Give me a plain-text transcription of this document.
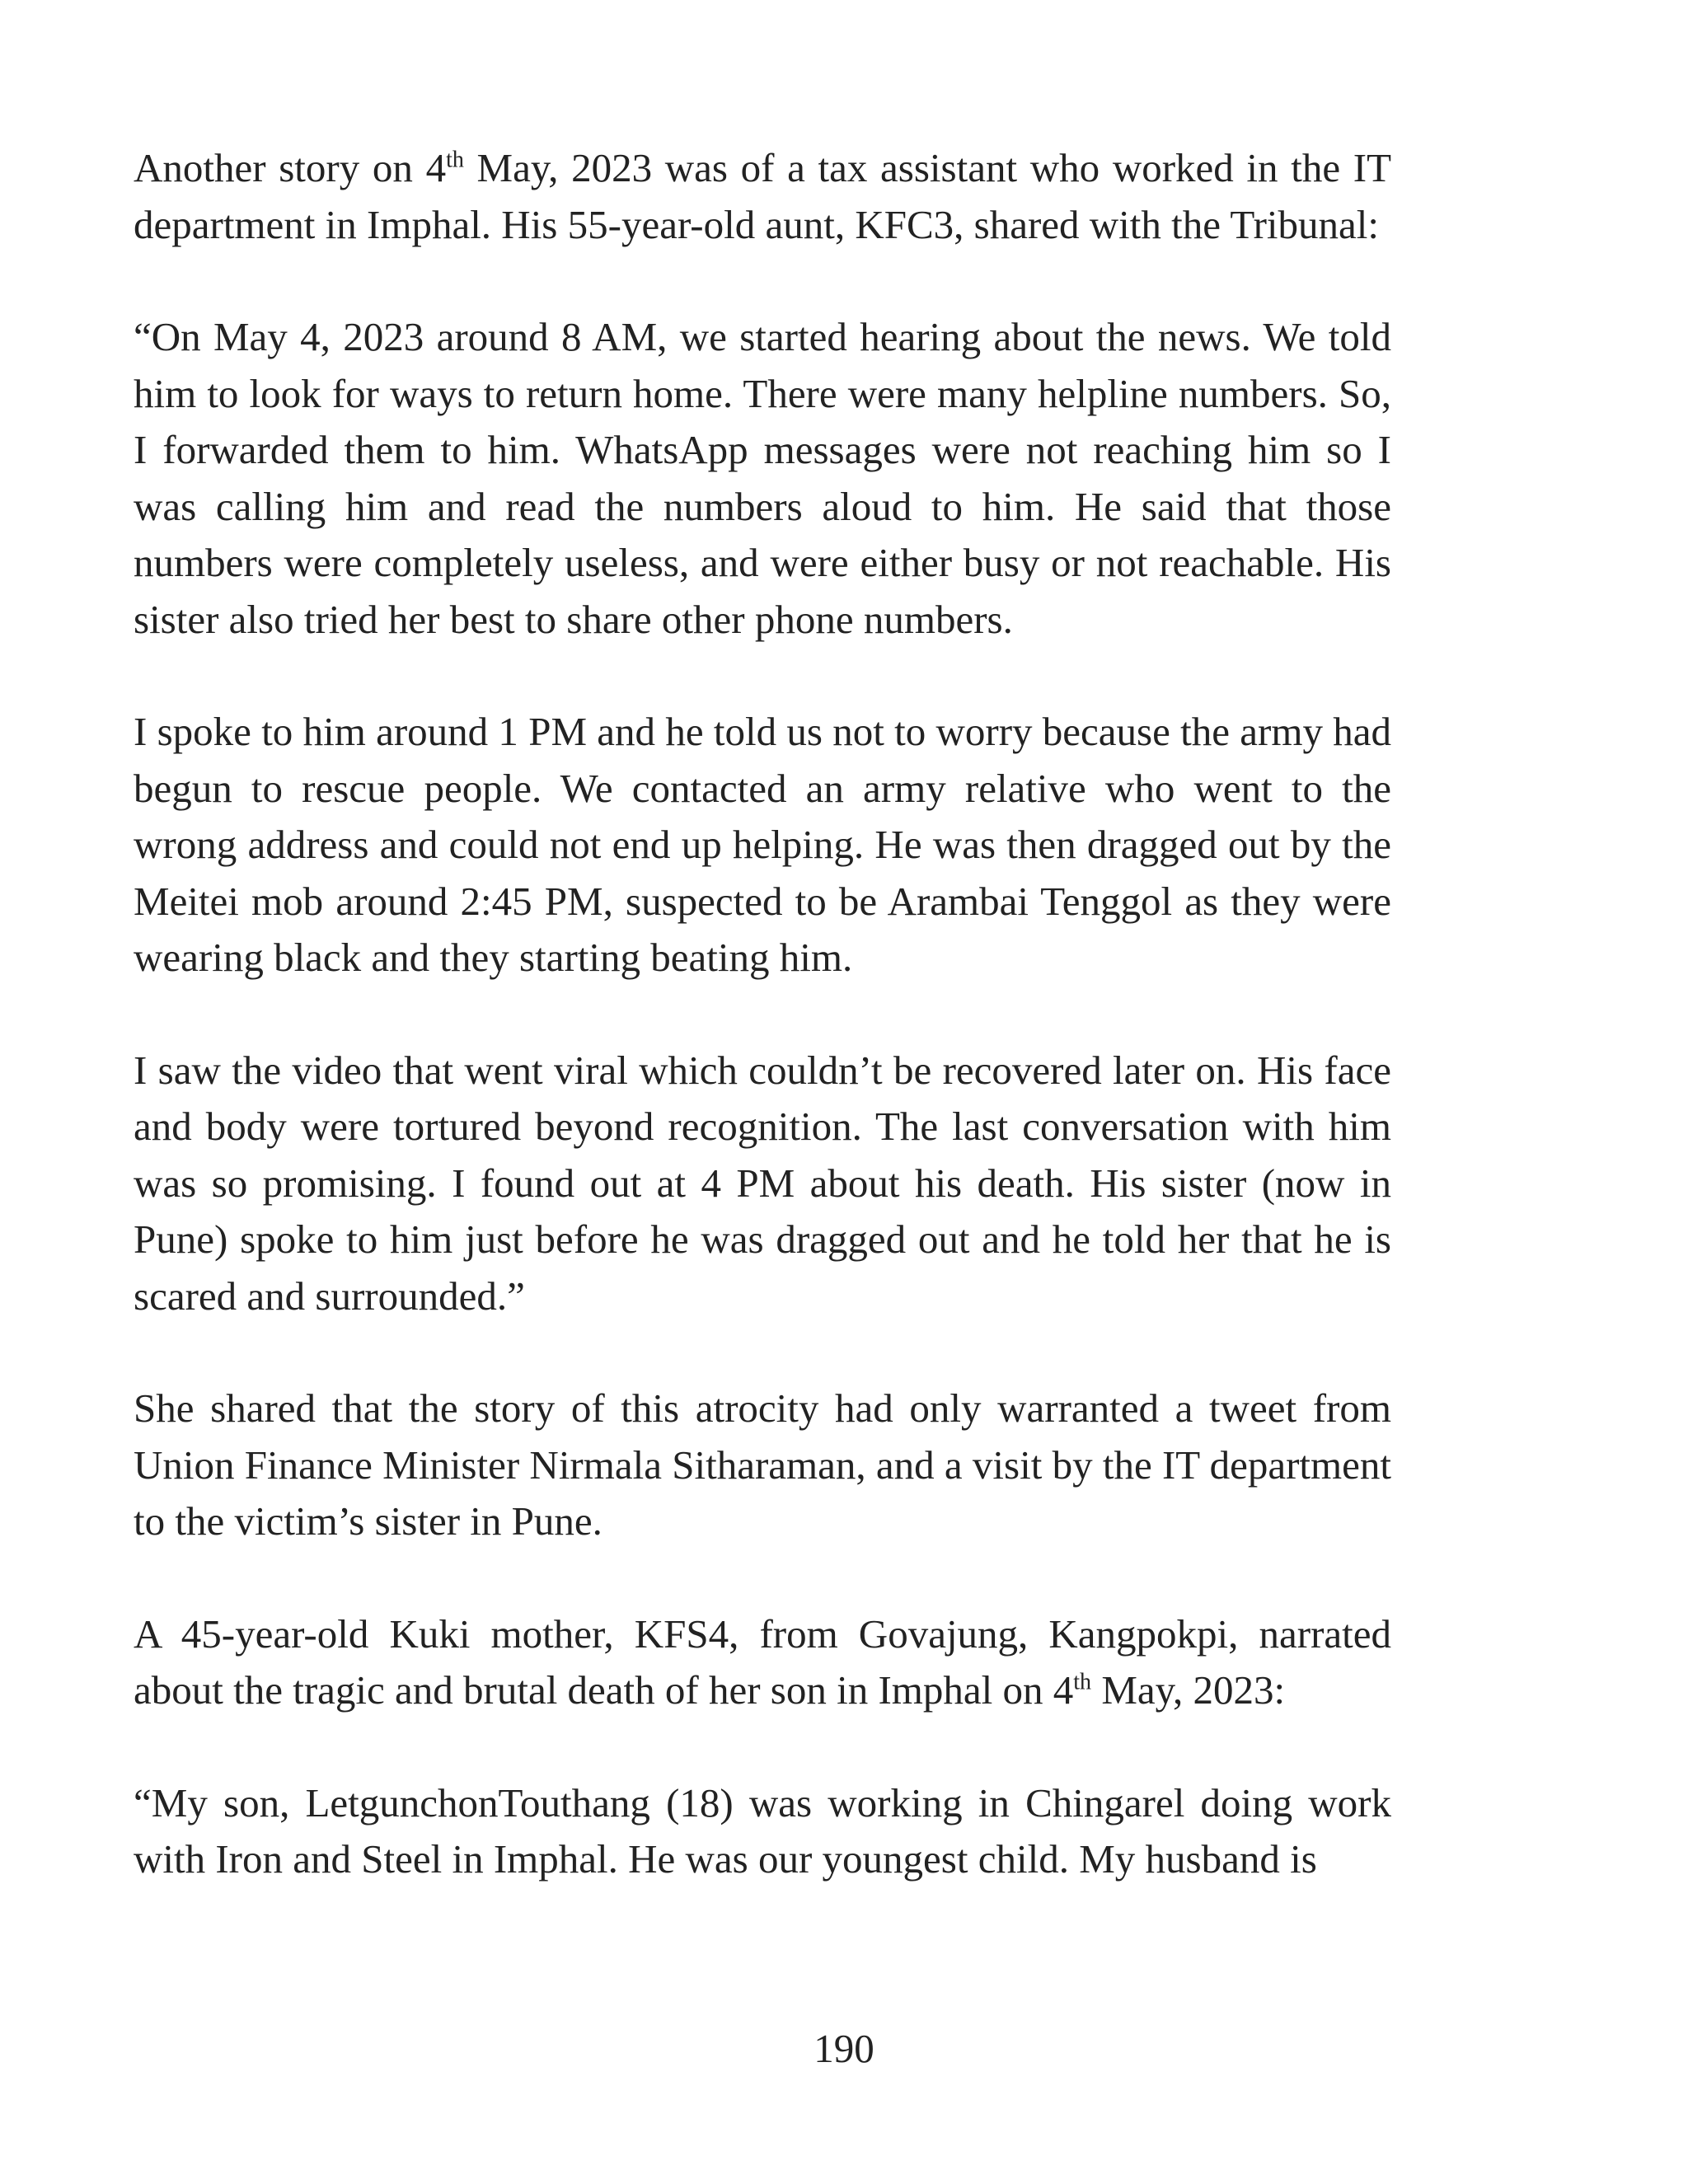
Another story on 4th May, 2023 was of a tax assistant who worked in the IT department in Imphal. His 55-year-old aunt, KFC3, shared with the Tribunal:

“On May 4, 2023 around 8 AM, we started hearing about the news. We told him to look for ways to return home. There were many helpline numbers. So, I forwarded them to him. WhatsApp messages were not reaching him so I was calling him and read the numbers aloud to him. He said that those numbers were completely useless, and were either busy or not reachable. His sister also tried her best to share other phone numbers.

I spoke to him around 1 PM and he told us not to worry because the army had begun to rescue people. We contacted an army relative who went to the wrong address and could not end up helping. He was then dragged out by the Meitei mob around 2:45 PM, suspected to be Arambai Tenggol as they were wearing black and they starting beating him.

I saw the video that went viral which couldn’t be recovered later on. His face and body were tortured beyond recognition. The last conversation with him was so promising. I found out at 4 PM about his death. His sister (now in Pune) spoke to him just before he was dragged out and he told her that he is scared and surrounded.”

She shared that the story of this atrocity had only warranted a tweet from Union Finance Minister Nirmala Sitharaman, and a visit by the IT department to the victim’s sister in Pune.

A 45-year-old Kuki mother, KFS4, from Govajung, Kangpokpi, narrated about the tragic and brutal death of her son in Imphal on 4th May, 2023:

“My son, LetgunchonTouthang (18) was working in Chingarel doing work with Iron and Steel in Imphal. He was our youngest child. My husband is

190
